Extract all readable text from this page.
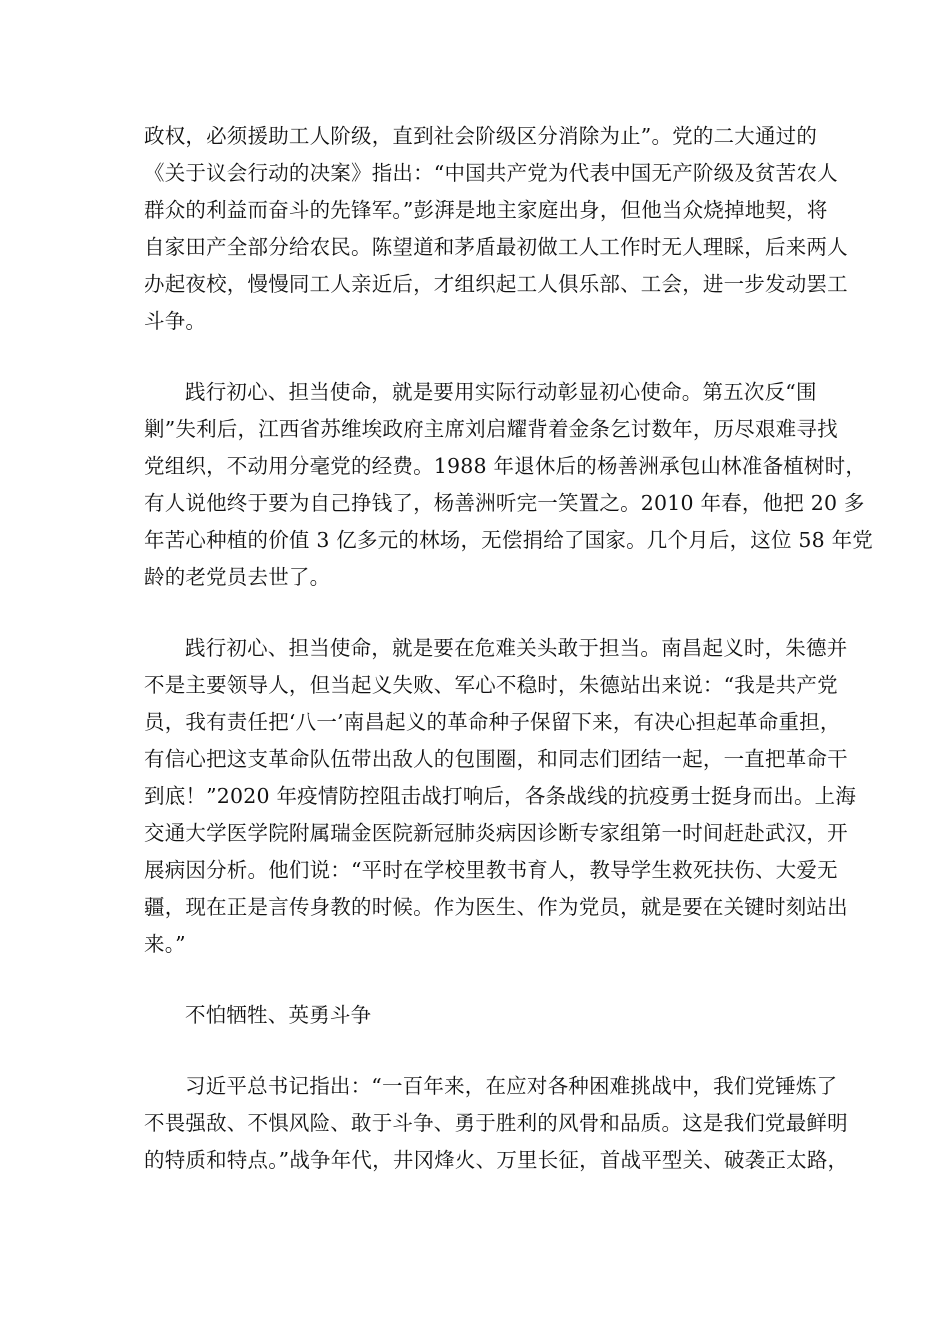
政权，必须援助工人阶级，直到社会阶级区分消除为止”。党的二大通过的
《关于议会行动的决案》指出：“中国共产党为代表中国无产阶级及贫苦农人
群众的利益而奋斗的先锋军。”彭湃是地主家庭出身，但他当众烧掉地契，将
自家田产全部分给农民。陈望道和茅盾最初做工人工作时无人理睬，后来两人
办起夜校，慢慢同工人亲近后，才组织起工人俱乐部、工会，进一步发动罢工
斗争。
践行初心、担当使命，就是要用实际行动彰显初心使命。第五次反“围
剿”失利后，江西省苏维埃政府主席刘启耀背着金条乞讨数年，历尽艰难寻找
党组织，不动用分毫党的经费。1988 年退休后的杨善洲承包山林准备植树时，
有人说他终于要为自己挣钱了，杨善洲听完一笑置之。2010 年春，他把 20 多
年苦心种植的价值 3 亿多元的林场，无偿捐给了国家。几个月后，这位 58 年党
龄的老党员去世了。
践行初心、担当使命，就是要在危难关头敢于担当。南昌起义时，朱德并
不是主要领导人，但当起义失败、军心不稳时，朱德站出来说：“我是共产党
员，我有责任把‘八一’南昌起义的革命种子保留下来，有决心担起革命重担，
有信心把这支革命队伍带出敌人的包围圈，和同志们团结一起，一直把革命干
到底！”2020 年疫情防控阻击战打响后，各条战线的抗疫勇士挺身而出。上海
交通大学医学院附属瑞金医院新冠肺炎病因诊断专家组第一时间赶赴武汉，开
展病因分析。他们说：“平时在学校里教书育人，教导学生救死扶伤、大爱无
疆，现在正是言传身教的时候。作为医生、作为党员，就是要在关键时刻站出
来。”
不怕牺牲、英勇斗争
习近平总书记指出：“一百年来，在应对各种困难挑战中，我们党锤炼了
不畏强敌、不惧风险、敢于斗争、勇于胜利的风骨和品质。这是我们党最鲜明
的特质和特点。”战争年代，井冈烽火、万里长征，首战平型关、破袭正太路，
